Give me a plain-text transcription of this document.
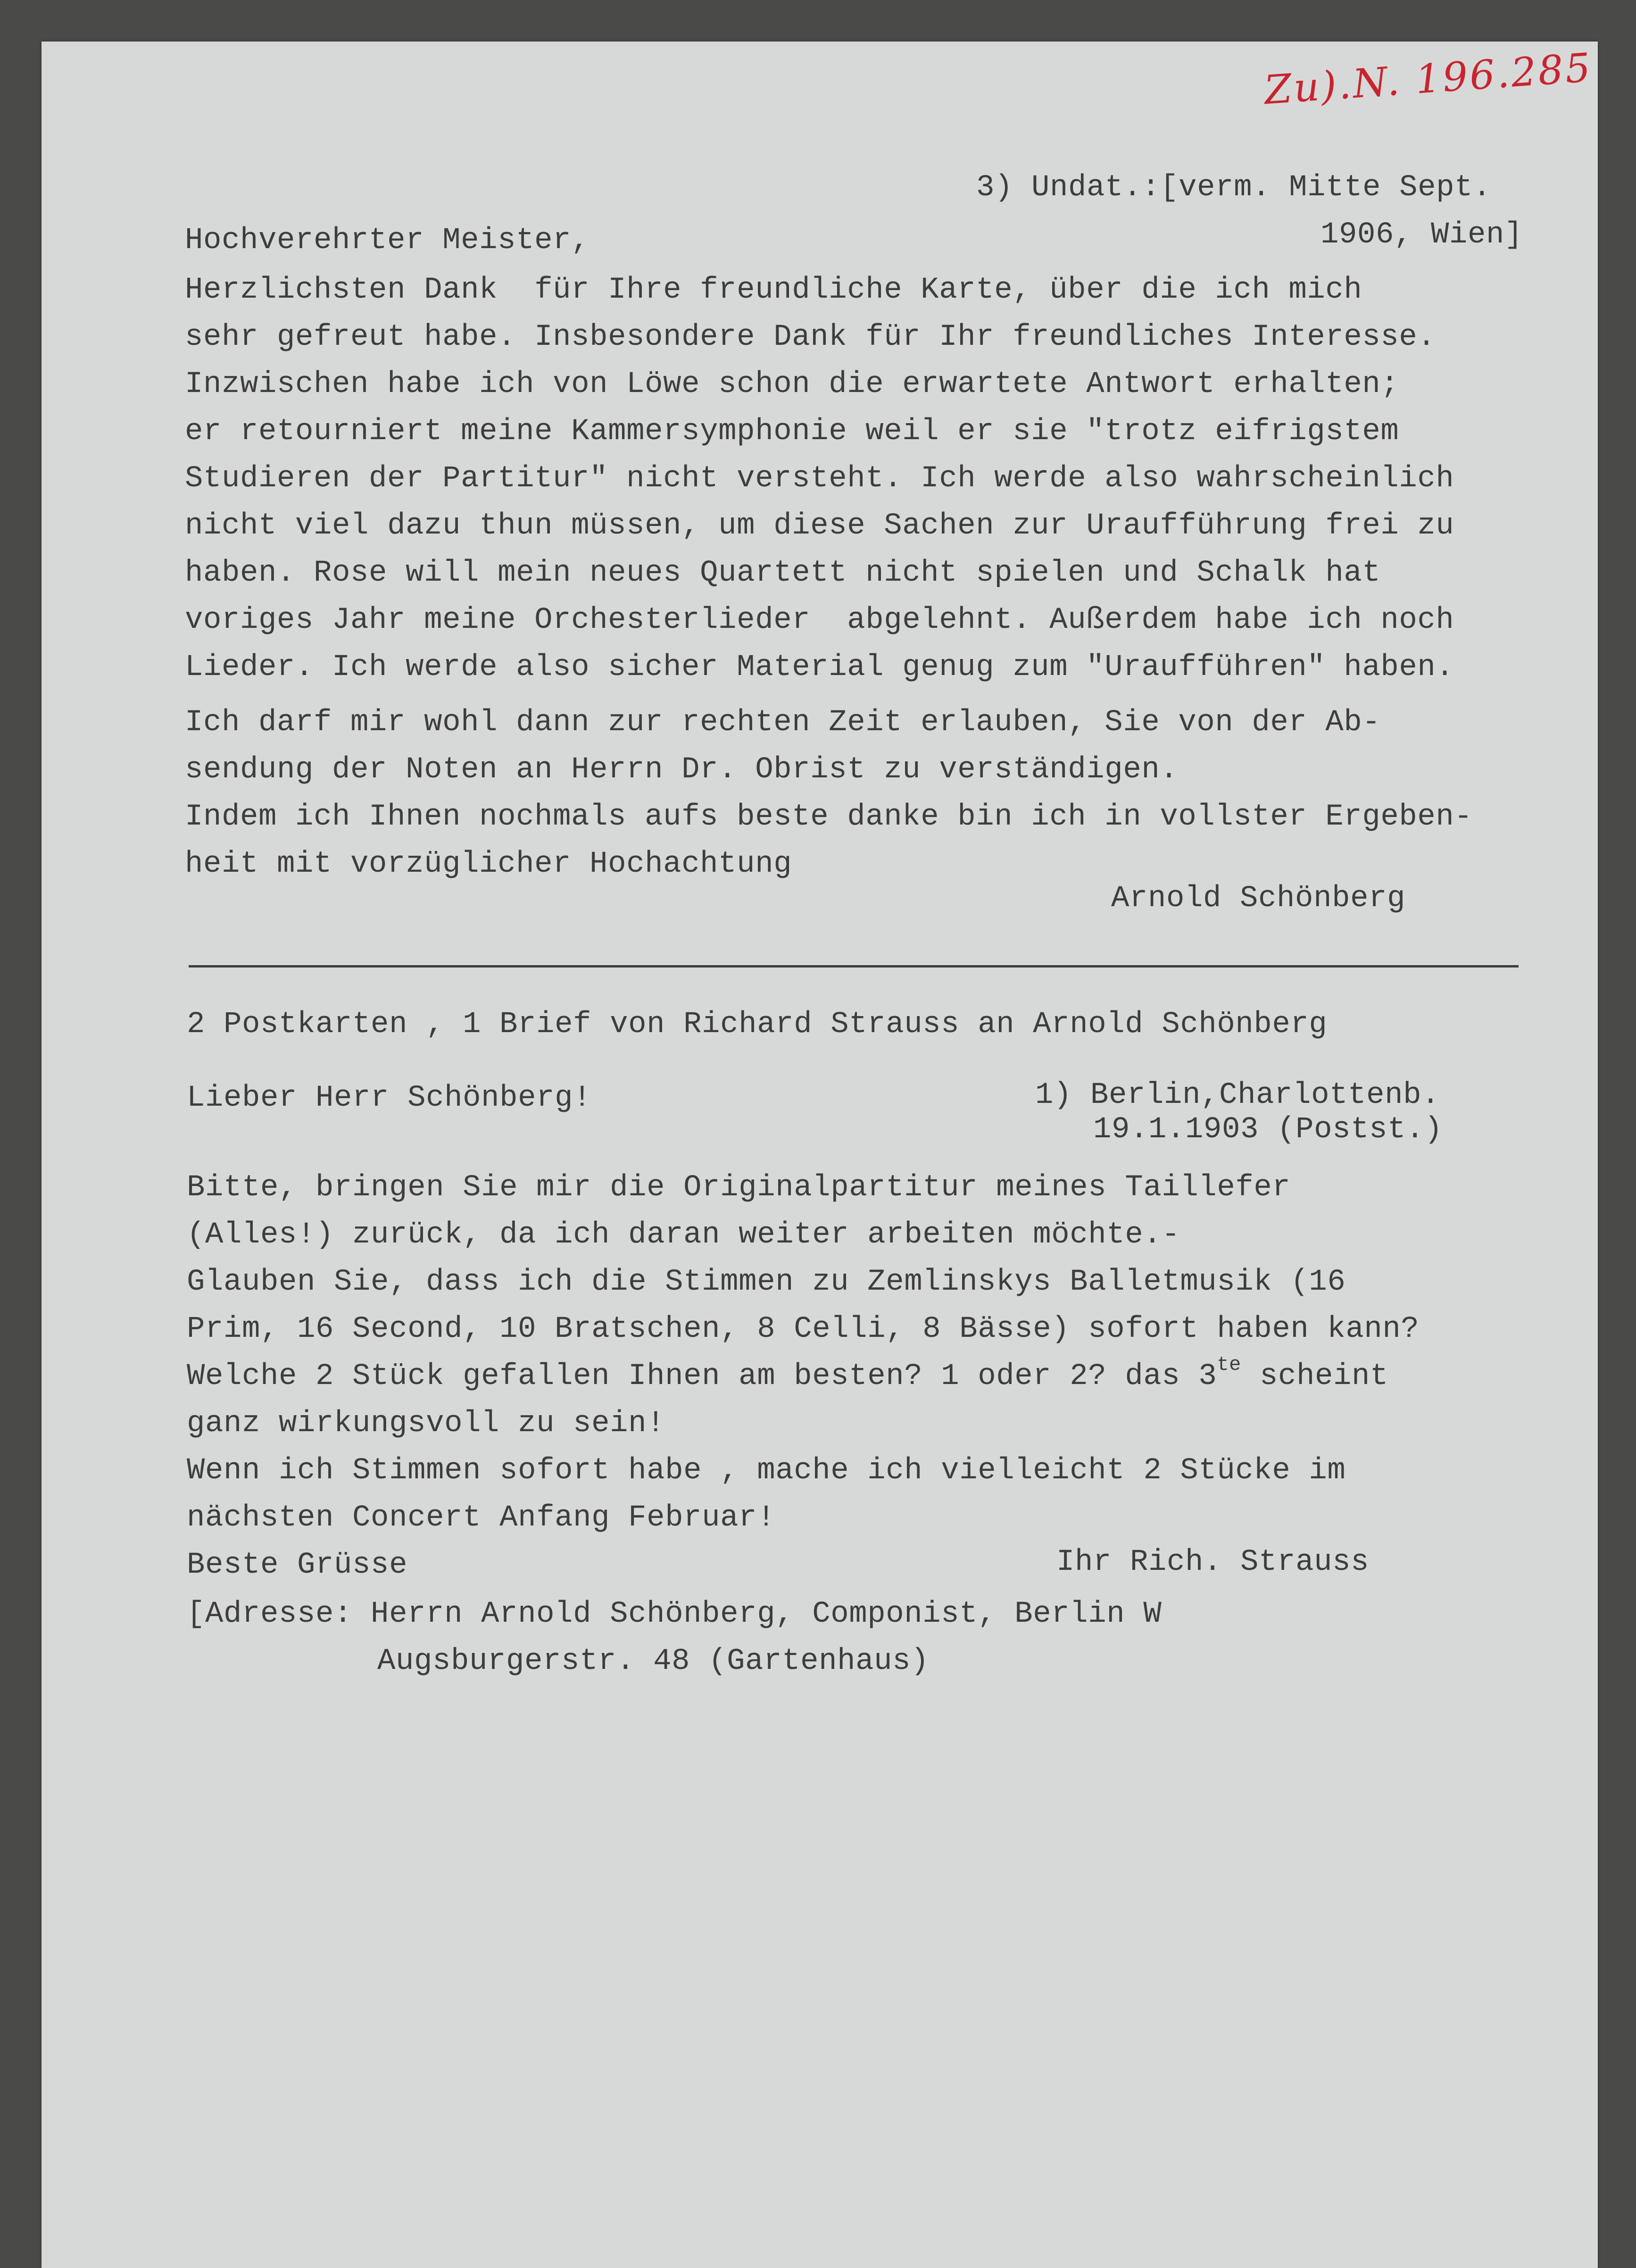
Zu).N. 196.285
3) Undat.:[verm. Mitte Sept.
1906, Wien]
Hochverehrter Meister,
Herzlichsten Dank  für Ihre freundliche Karte, über die ich mich
sehr gefreut habe. Insbesondere Dank für Ihr freundliches Interesse.
Inzwischen habe ich von Löwe schon die erwartete Antwort erhalten;
er retourniert meine Kammersymphonie weil er sie "trotz eifrigstem
Studieren der Partitur" nicht versteht. Ich werde also wahrscheinlich
nicht viel dazu thun müssen, um diese Sachen zur Uraufführung frei zu
haben. Rose will mein neues Quartett nicht spielen und Schalk hat
voriges Jahr meine Orchesterlieder  abgelehnt. Außerdem habe ich noch
Lieder. Ich werde also sicher Material genug zum "Uraufführen" haben.
Ich darf mir wohl dann zur rechten Zeit erlauben, Sie von der Ab-
sendung der Noten an Herrn Dr. Obrist zu verständigen.
Indem ich Ihnen nochmals aufs beste danke bin ich in vollster Ergeben-
heit mit vorzüglicher Hochachtung
Arnold Schönberg
2 Postkarten , 1 Brief von Richard Strauss an Arnold Schönberg
Lieber Herr Schönberg!	1) Berlin,Charlottenb.
19.1.1903 (Postst.)
Bitte, bringen Sie mir die Originalpartitur meines Taillefer
(Alles!) zurück, da ich daran weiter arbeiten möchte.-
Glauben Sie, dass ich die Stimmen zu Zemlinskys Balletmusik (16
Prim, 16 Second, 10 Bratschen, 8 Celli, 8 Bässe) sofort haben kann?
Welche 2 Stück gefallen Ihnen am besten? 1 oder 2? das $3^{te}$ scheint
ganz wirkungsvoll zu sein!
Wenn ich Stimmen sofort habe , mache ich vielleicht 2 Stücke im
nächsten Concert Anfang Februar!
Beste Grüsse	Ihr Rich. Strauss
[Adresse: Herrn Arnold Schönberg, Componist, Berlin W
Augsburgerstr. 48 (Gartenhaus)
